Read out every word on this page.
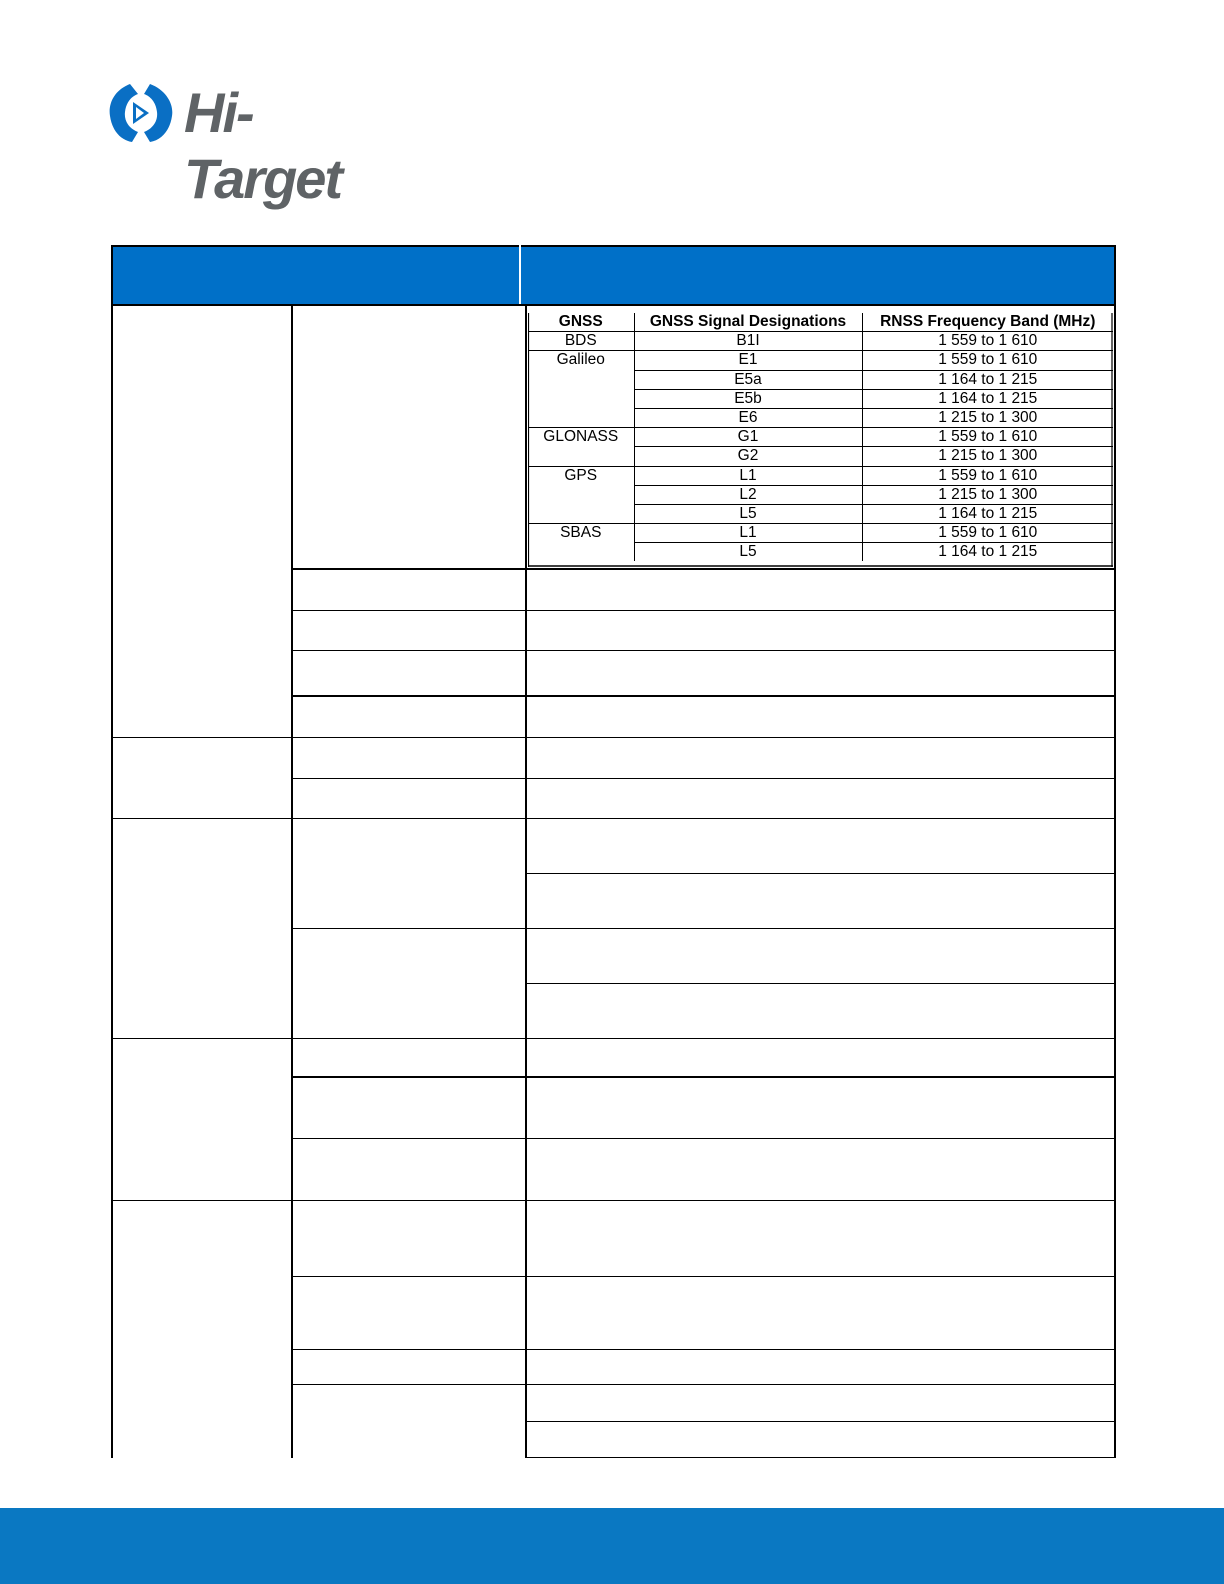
Hi-Target
GNSS	GNSS Signal Designations	RNSS Frequency Band (MHz)
BDS	B1I	1 559 to 1 610
Galileo	E1	1 559 to 1 610
	E5a	1 164 to 1 215
	E5b	1 164 to 1 215
	E6	1 215 to 1 300
GLONASS	G1	1 559 to 1 610
	G2	1 215 to 1 300
GPS	L1	1 559 to 1 610
	L2	1 215 to 1 300
	L5	1 164 to 1 215
SBAS	L1	1 559 to 1 610
	L5	1 164 to 1 215
